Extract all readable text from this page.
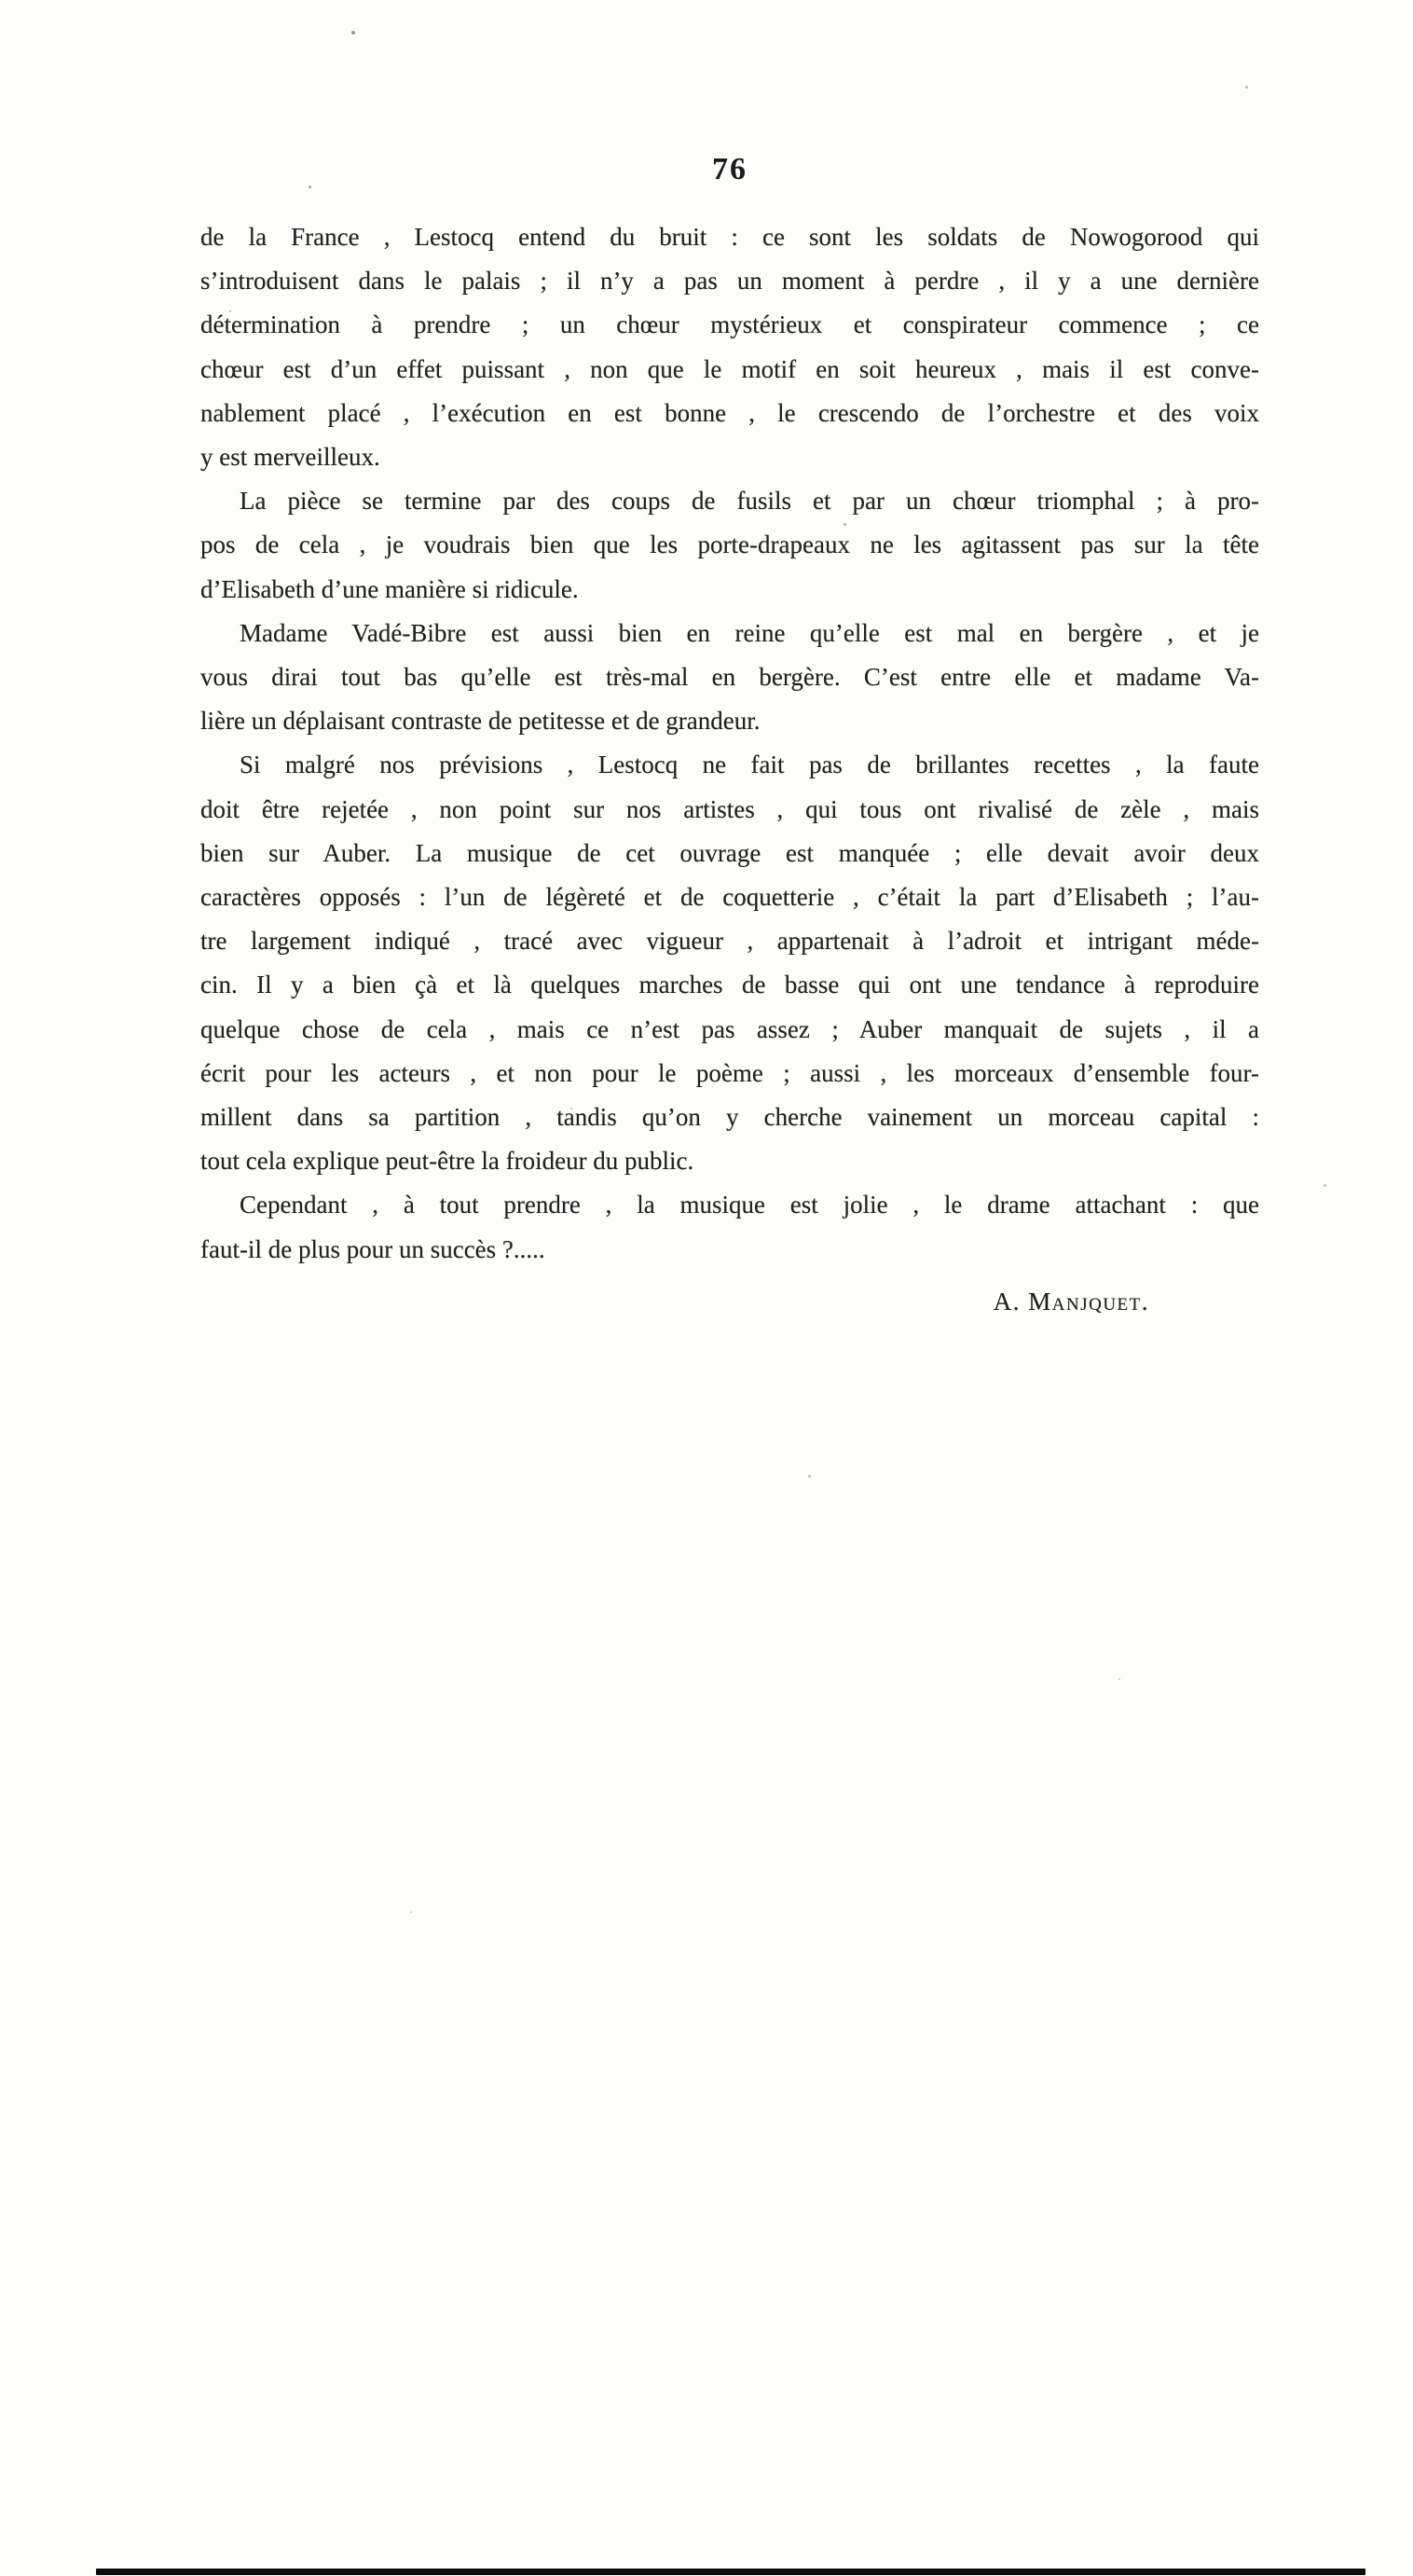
76
de la France , Lestocq entend du bruit : ce sont les soldats de Nowogorood qui
s’introduisent dans le palais ; il n’y a pas un moment à perdre , il y a une dernière
détermination à prendre ; un chœur mystérieux et conspirateur commence ; ce
chœur est d’un effet puissant , non que le motif en soit heureux , mais il est conve-
nablement placé , l’exécution en est bonne , le crescendo de l’orchestre et des voix
y est merveilleux.
La pièce se termine par des coups de fusils et par un chœur triomphal ; à pro-
pos de cela , je voudrais bien que les porte-drapeaux ne les agitassent pas sur la tête
d’Elisabeth d’une manière si ridicule.
Madame Vadé-Bibre est aussi bien en reine qu’elle est mal en bergère , et je
vous dirai tout bas qu’elle est très-mal en bergère. C’est entre elle et madame Va-
lière un déplaisant contraste de petitesse et de grandeur.
Si malgré nos prévisions , Lestocq ne fait pas de brillantes recettes , la faute
doit être rejetée , non point sur nos artistes , qui tous ont rivalisé de zèle , mais
bien sur Auber. La musique de cet ouvrage est manquée ; elle devait avoir deux
caractères opposés : l’un de légèreté et de coquetterie , c’était la part d’Elisabeth ; l’au-
tre largement indiqué , tracé avec vigueur , appartenait à l’adroit et intrigant méde-
cin. Il y a bien çà et là quelques marches de basse qui ont une tendance à reproduire
quelque chose de cela , mais ce n’est pas assez ; Auber manquait de sujets , il a
écrit pour les acteurs , et non pour le poème ; aussi , les morceaux d’ensemble four-
millent dans sa partition , tandis qu’on y cherche vainement un morceau capital :
tout cela explique peut-être la froideur du public.
Cependant , à tout prendre , la musique est jolie , le drame attachant : que
faut-il de plus pour un succès ?.....
A. Manjquet.
